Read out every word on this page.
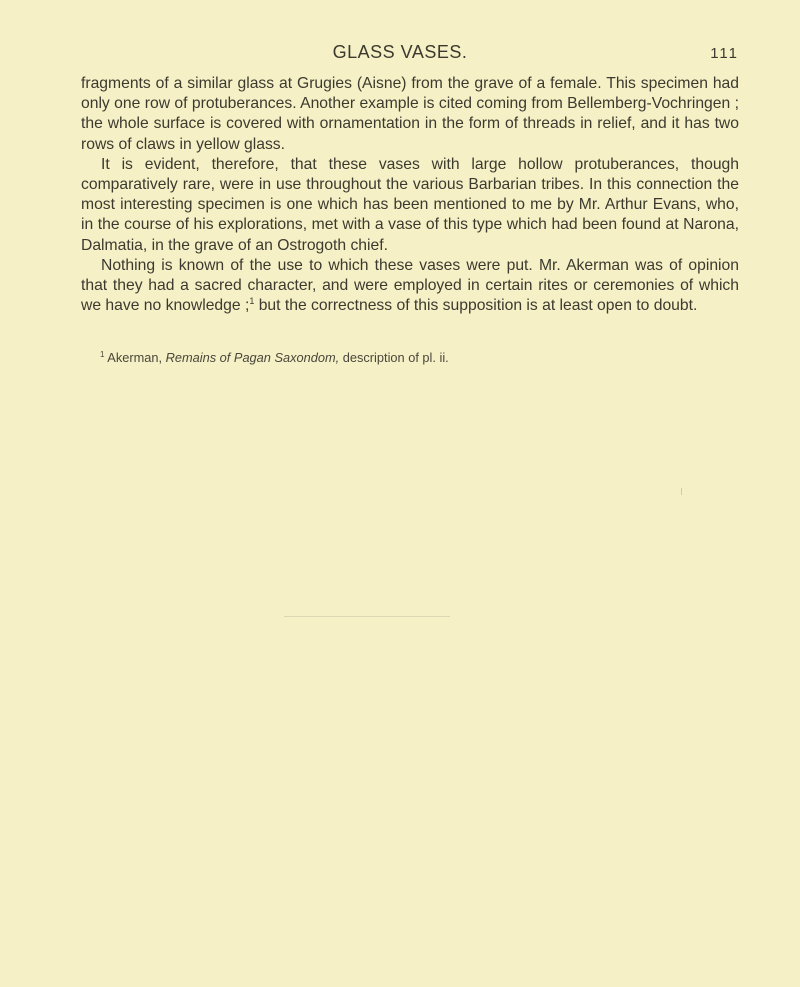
GLASS VASES.	111

fragments of a similar glass at Grugies (Aisne) from the grave of a female. This specimen had only one row of protuberances. Another example is cited coming from Bellemberg-Vochringen ; the whole surface is covered with ornamentation in the form of threads in relief, and it has two rows of claws in yellow glass.

It is evident, therefore, that these vases with large hollow protuberances, though comparatively rare, were in use throughout the various Barbarian tribes. In this connection the most interesting specimen is one which has been mentioned to me by Mr. Arthur Evans, who, in the course of his explorations, met with a vase of this type which had been found at Narona, Dalmatia, in the grave of an Ostrogoth chief.

Nothing is known of the use to which these vases were put. Mr. Akerman was of opinion that they had a sacred character, and were employed in certain rites or ceremonies of which we have no knowledge ;$^1$ but the correctness of this supposition is at least open to doubt.

$^1$ Akerman, Remains of Pagan Saxondom, description of pl. ii.
